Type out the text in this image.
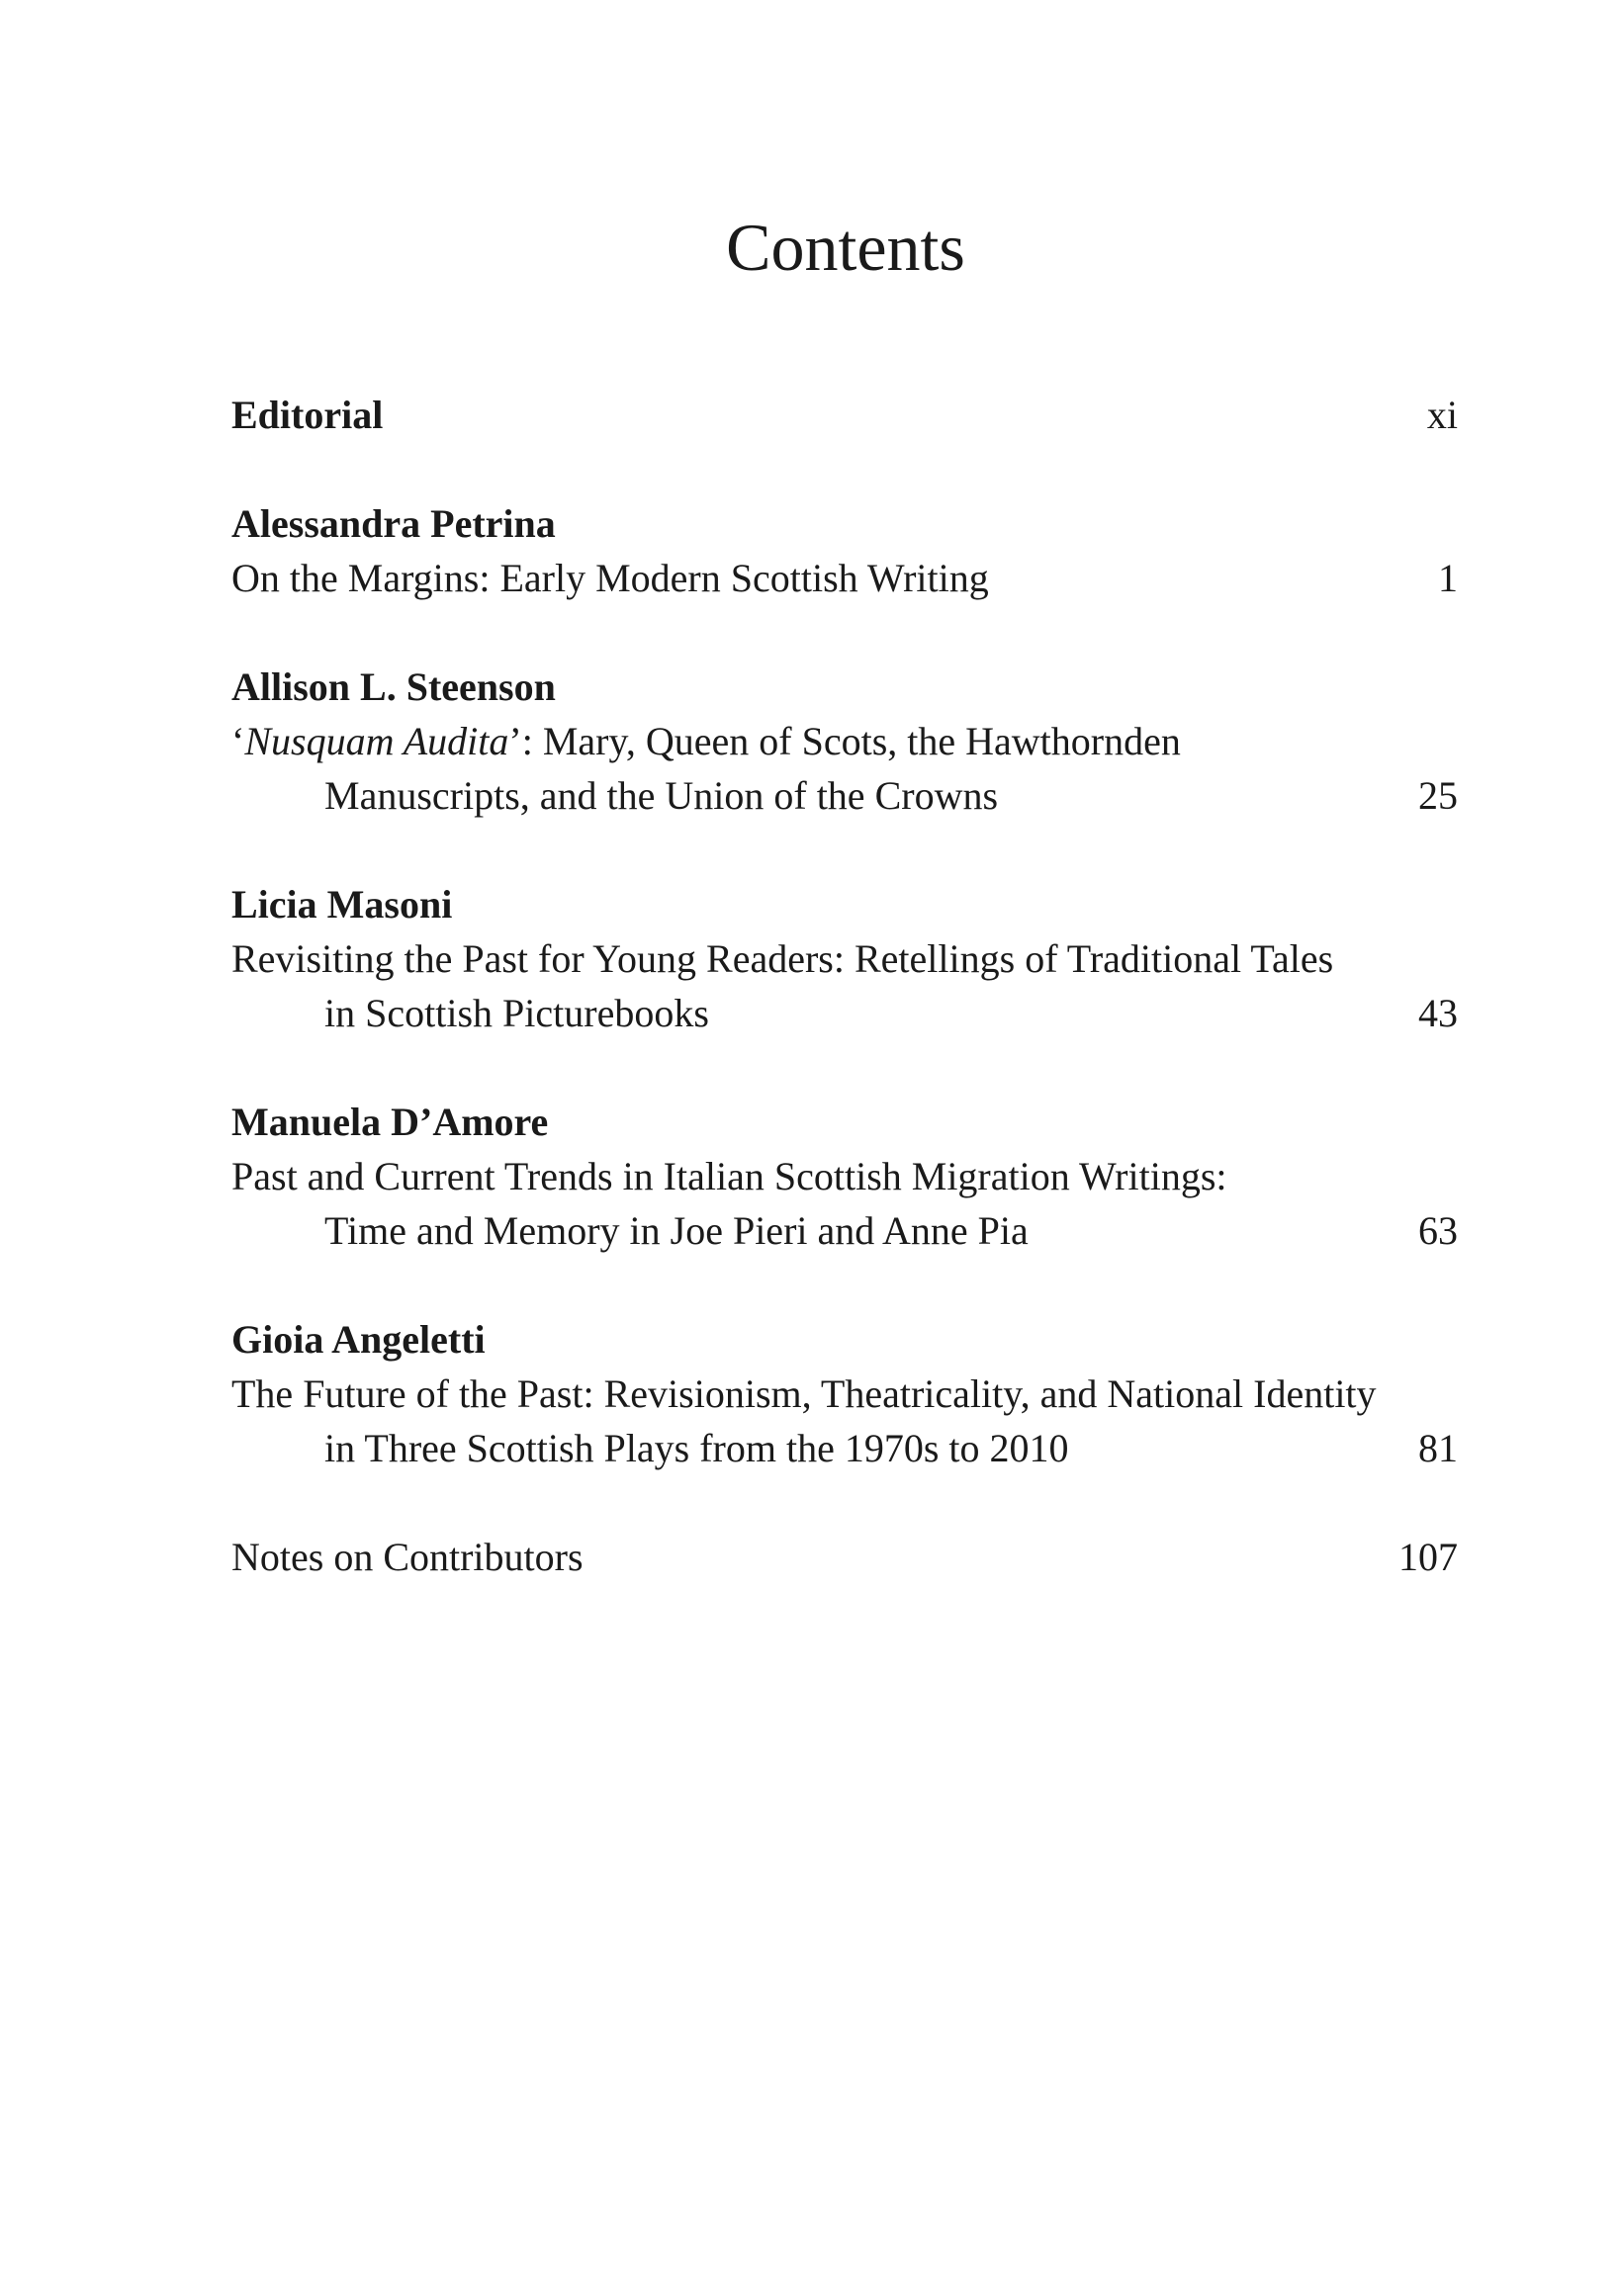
Contents
Editorial	xi
Alessandra Petrina
On the Margins: Early Modern Scottish Writing	1
Allison L. Steenson
‘Nusquam Audita’: Mary, Queen of Scots, the Hawthornden
Manuscripts, and the Union of the Crowns	25
Licia Masoni
Revisiting the Past for Young Readers: Retellings of Traditional Tales
in Scottish Picturebooks	43
Manuela D’Amore
Past and Current Trends in Italian Scottish Migration Writings:
Time and Memory in Joe Pieri and Anne Pia	63
Gioia Angeletti
The Future of the Past: Revisionism, Theatricality, and National Identity
in Three Scottish Plays from the 1970s to 2010	81
Notes on Contributors	107
